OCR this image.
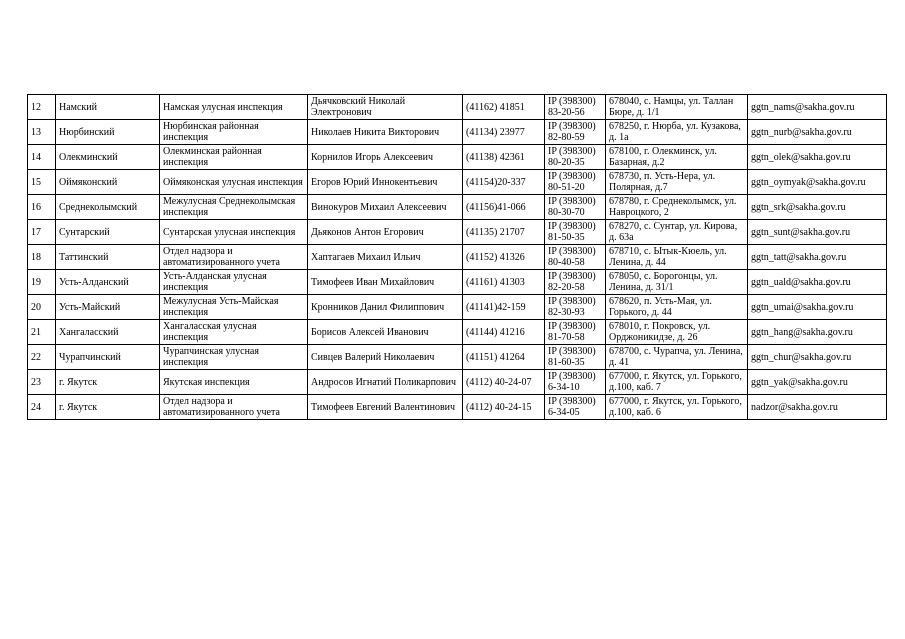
12	Намский	Намская улусная инспекция	Дьячковский Николай Электронович	(41162) 41851	IP (398300) 83-20-56	678040, с. Намцы, ул. Таллан Бюре, д. 1/1	ggtn_nams@sakha.gov.ru
13	Нюрбинский	Нюрбинская районная инспекция	Николаев Никита Викторович	(41134) 23977	IP (398300) 82-80-59	678250, г. Нюрба, ул. Кузакова, д. 1а	ggtn_nurb@sakha.gov.ru
14	Олекминский	Олекминская районная инспекция	Корнилов Игорь Алексеевич	(41138) 42361	IP (398300) 80-20-35	678100, г. Олекминск, ул. Базарная, д.2	ggtn_olek@sakha.gov.ru
15	Оймяконский	Оймяконская улусная инспекция	Егоров Юрий Иннокентьевич	(41154)20-337	IP (398300) 80-51-20	678730, п. Усть-Нера, ул. Полярная, д.7	ggtn_oymyak@sakha.gov.ru
16	Среднеколымский	Межулусная Среднеколымская инспекция	Винокуров Михаил Алексеевич	(41156)41-066	IP (398300) 80-30-70	678780, г. Среднеколымск, ул. Навроцкого, 2	ggtn_srk@sakha.gov.ru
17	Сунтарский	Сунтарская улусная инспекция	Дьяконов Антон Егорович	(41135) 21707	IP (398300) 81-50-35	678270, с. Сунтар, ул. Кирова, д. 63а	ggtn_sunt@sakha.gov.ru
18	Таттинский	Отдел надзора и автоматизированного учета	Хаптагаев Михаил Ильич	(41152) 41326	IP (398300) 80-40-58	678710, с. Ытык-Кюель, ул. Ленина, д. 44	ggtn_tatt@sakha.gov.ru
19	Усть-Алданский	Усть-Алданская улусная инспекция	Тимофеев Иван Михайлович	(41161) 41303	IP (398300) 82-20-58	678050, с. Борогонцы, ул. Ленина, д. 31/1	ggtn_uald@sakha.gov.ru
20	Усть-Майский	Межулусная Усть-Майская инспекция	Кронников Данил Филиппович	(41141)42-159	IP (398300) 82-30-93	678620, п. Усть-Мая, ул. Горького, д. 44	ggtn_umai@sakha.gov.ru
21	Хангаласский	Хангаласская улусная инспекция	Борисов Алексей Иванович	(41144) 41216	IP (398300) 81-70-58	678010, г. Покровск, ул. Орджоникидзе, д. 26	ggtn_hang@sakha.gov.ru
22	Чурапчинский	Чурапчинская улусная инспекция	Сивцев Валерий Николаевич	(41151) 41264	IP (398300) 81-60-35	678700, с. Чурапча, ул. Ленина, д. 41	ggtn_chur@sakha.gov.ru
23	г. Якутск	Якутская инспекция	Андросов Игнатий Поликарпович	(4112) 40-24-07	IP (398300) 6-34-10	677000, г. Якутск, ул. Горького, д.100, каб. 7	ggtn_yak@sakha.gov.ru
24	г. Якутск	Отдел надзора и автоматизированного учета	Тимофеев Евгений Валентинович	(4112) 40-24-15	IP (398300) 6-34-05	677000, г. Якутск, ул. Горького, д.100, каб. 6	nadzor@sakha.gov.ru
